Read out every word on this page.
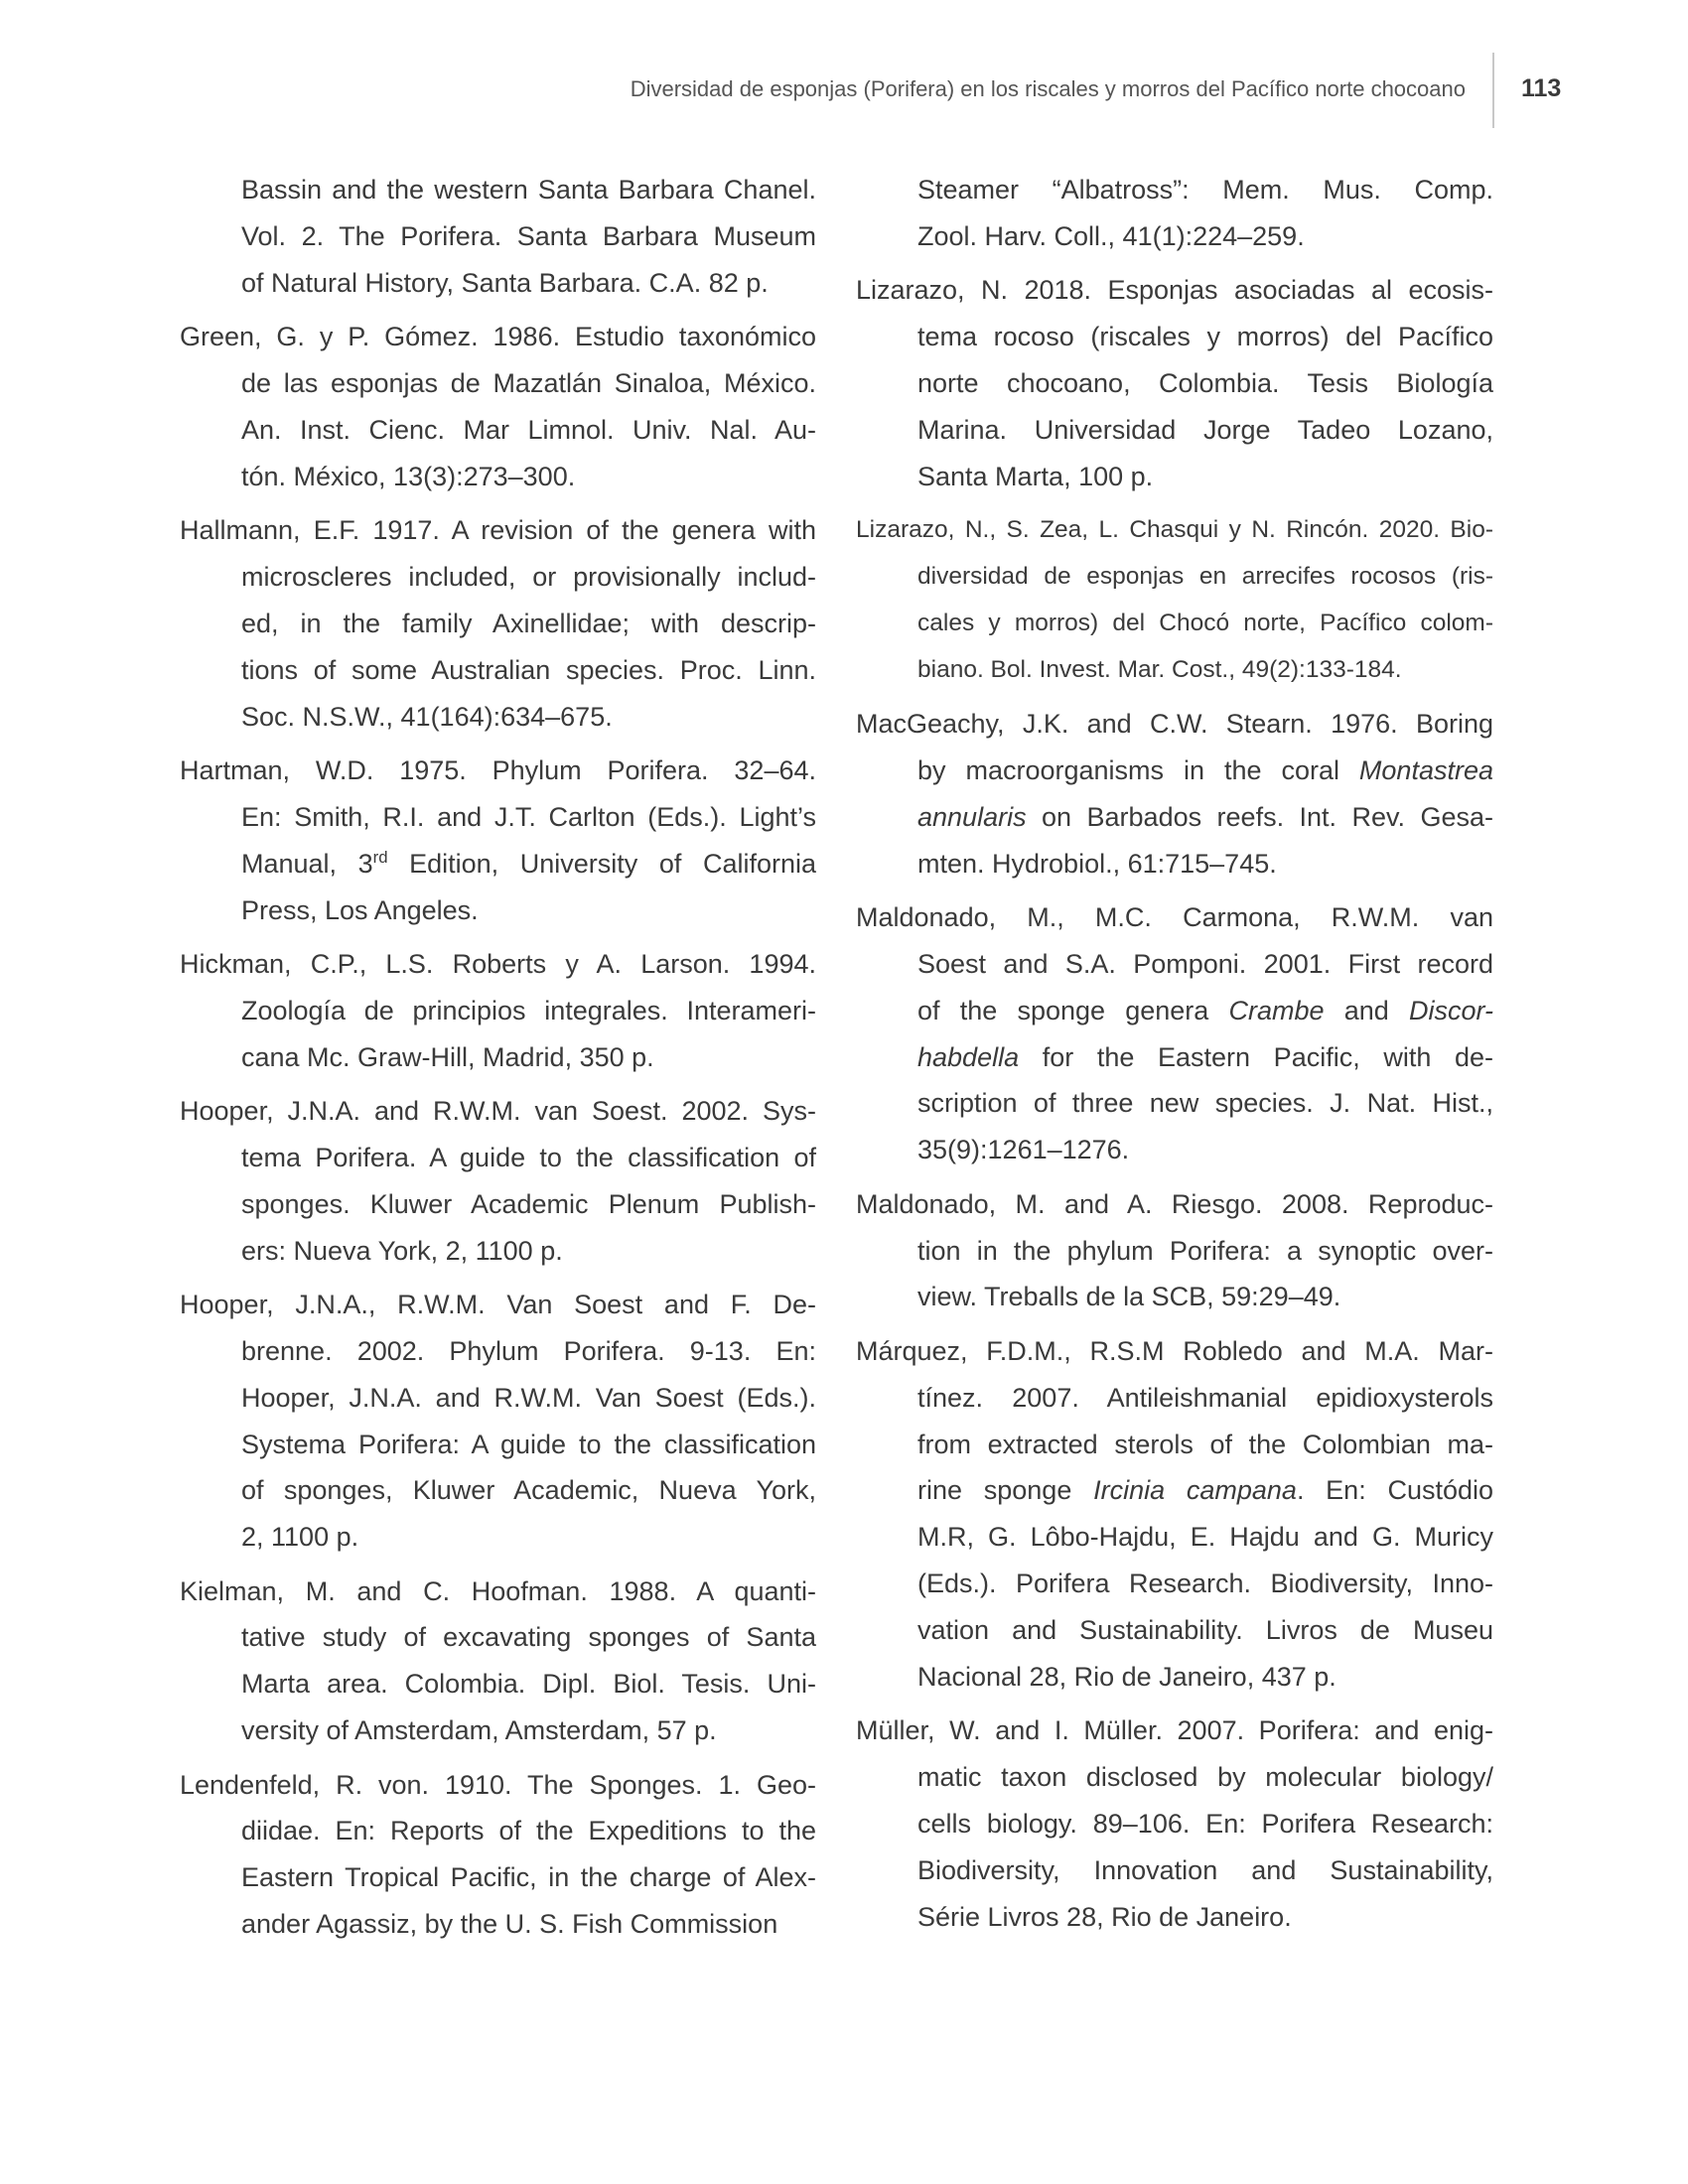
Diversidad de esponjas (Porifera) en los riscales y morros del Pacífico norte chocoano 113
Bassin and the western Santa Barbara Chanel.
Vol. 2. The Porifera. Santa Barbara Museum
of Natural History, Santa Barbara. C.A. 82 p.
Green, G. y P. Gómez. 1986. Estudio taxonómico
de las esponjas de Mazatlán Sinaloa, México.
An. Inst. Cienc. Mar Limnol. Univ. Nal. Au-
tón. México, 13(3):273–300.
Hallmann, E.F. 1917. A revision of the genera with
microscleres included, or provisionally includ-
ed, in the family Axinellidae; with descrip-
tions of some Australian species. Proc. Linn.
Soc. N.S.W., 41(164):634–675.
Hartman, W.D. 1975. Phylum Porifera. 32–64.
En: Smith, R.I. and J.T. Carlton (Eds.). Light’s
Manual, 3rd Edition, University of California
Press, Los Angeles.
Hickman, C.P., L.S. Roberts y A. Larson. 1994.
Zoología de principios integrales. Interameri-
cana Mc. Graw-Hill, Madrid, 350 p.
Hooper, J.N.A. and R.W.M. van Soest. 2002. Sys-
tema Porifera. A guide to the classification of
sponges. Kluwer Academic Plenum Publish-
ers: Nueva York, 2, 1100 p.
Hooper, J.N.A., R.W.M. Van Soest and F. De-
brenne. 2002. Phylum Porifera. 9-13. En:
Hooper, J.N.A. and R.W.M. Van Soest (Eds.).
Systema Porifera: A guide to the classification
of sponges, Kluwer Academic, Nueva York,
2, 1100 p.
Kielman, M. and C. Hoofman. 1988. A quanti-
tative study of excavating sponges of Santa
Marta area. Colombia. Dipl. Biol. Tesis. Uni-
versity of Amsterdam, Amsterdam, 57 p.
Lendenfeld, R. von. 1910. The Sponges. 1. Geo-
diidae. En: Reports of the Expeditions to the
Eastern Tropical Pacific, in the charge of Alex-
ander Agassiz, by the U. S. Fish Commission
Steamer “Albatross”: Mem. Mus. Comp.
Zool. Harv. Coll., 41(1):224–259.
Lizarazo, N. 2018. Esponjas asociadas al ecosis-
tema rocoso (riscales y morros) del Pacífico
norte chocoano, Colombia. Tesis Biología
Marina. Universidad Jorge Tadeo Lozano,
Santa Marta, 100 p.
Lizarazo, N., S. Zea, L. Chasqui y N. Rincón. 2020. Bio-
diversidad de esponjas en arrecifes rocosos (ris-
cales y morros) del Chocó norte, Pacífico colom-
biano. Bol. Invest. Mar. Cost., 49(2):133-184.
MacGeachy, J.K. and C.W. Stearn. 1976. Boring
by macroorganisms in the coral Montastrea
annularis on Barbados reefs. Int. Rev. Gesa-
mten. Hydrobiol., 61:715–745.
Maldonado, M., M.C. Carmona, R.W.M. van
Soest and S.A. Pomponi. 2001. First record
of the sponge genera Crambe and Discor-
habdella for the Eastern Pacific, with de-
scription of three new species. J. Nat. Hist.,
35(9):1261–1276.
Maldonado, M. and A. Riesgo. 2008. Reproduc-
tion in the phylum Porifera: a synoptic over-
view. Treballs de la SCB, 59:29–49.
Márquez, F.D.M., R.S.M Robledo and M.A. Mar-
tínez. 2007. Antileishmanial epidioxysterols
from extracted sterols of the Colombian ma-
rine sponge Ircinia campana. En: Custódio
M.R, G. Lôbo-Hajdu, E. Hajdu and G. Muricy
(Eds.). Porifera Research. Biodiversity, Inno-
vation and Sustainability. Livros de Museu
Nacional 28, Rio de Janeiro, 437 p.
Müller, W. and I. Müller. 2007. Porifera: and enig-
matic taxon disclosed by molecular biology/
cells biology. 89–106. En: Porifera Research:
Biodiversity, Innovation and Sustainability,
Série Livros 28, Rio de Janeiro.
